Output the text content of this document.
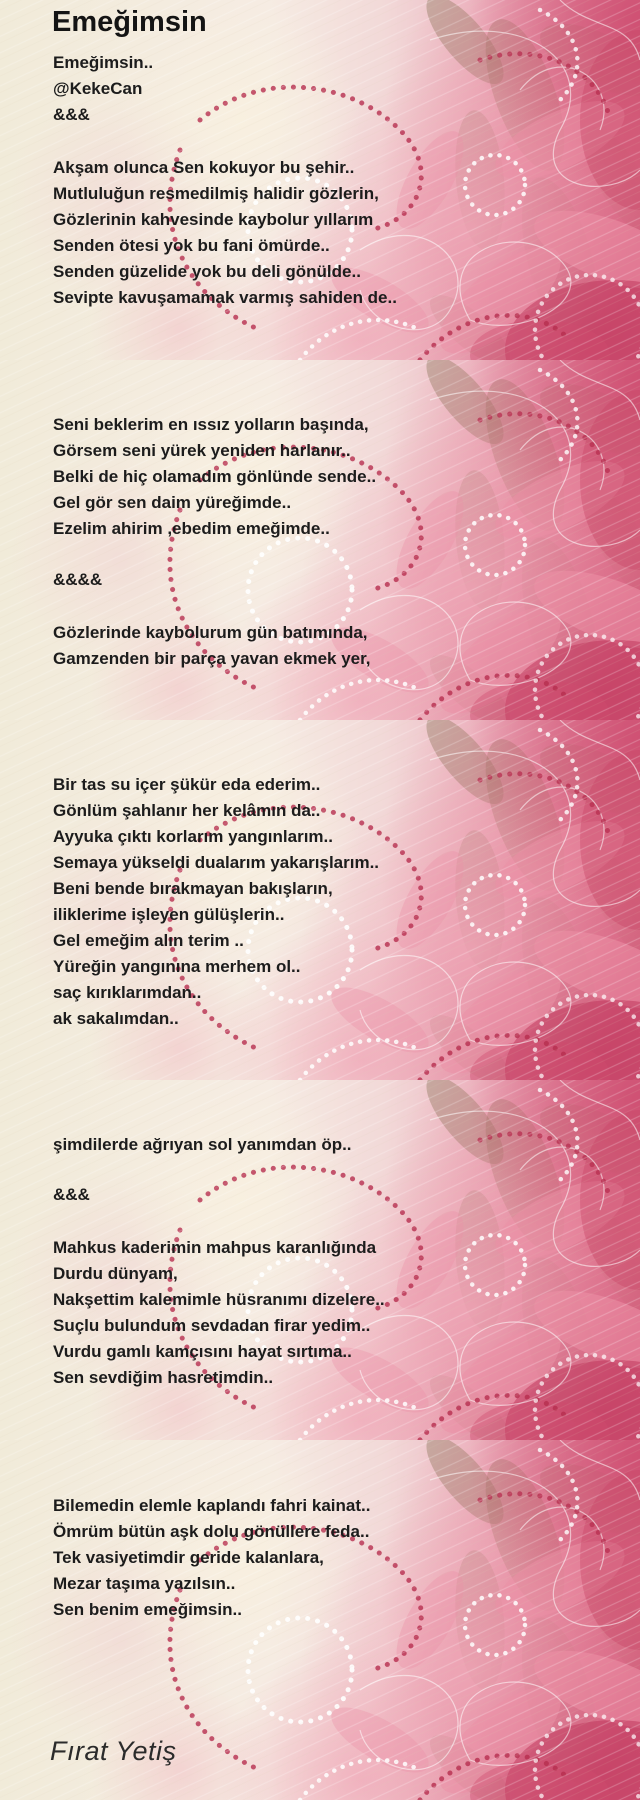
Emeğimsin
Emeğimsin..
@KekeCan
&&&
Akşam olunca Sen kokuyor bu şehir..
Mutluluğun resmedilmiş halidir gözlerin,
Gözlerinin kahvesinde kaybolur yıllarım
Senden ötesi yok bu fani ömürde..
Senden güzelide yok bu deli gönülde..
Sevipte kavuşamamak varmış sahiden de..
Seni beklerim en ıssız yolların başında,
Görsem seni yürek yeniden harlanır..
Belki de hiç olamadım gönlünde sende..
Gel gör sen daim yüreğimde..
Ezelim ahirim ,ebedim emeğimde..
&&&&
Gözlerinde kaybolurum gün batımında,
Gamzenden bir parça yavan ekmek yer,
Bir tas su içer şükür eda ederim..
Gönlüm şahlanır her kelâmın da..
Ayyuka çıktı korlarım yangınlarım..
Semaya yükseldi dualarım yakarışlarım..
Beni bende bırakmayan bakışların,
iliklerime işleyen gülüşlerin..
Gel emeğim alın terim ..
Yüreğin yangınına merhem ol..
saç kırıklarımdan..
ak sakalımdan..
şimdilerde ağrıyan sol yanımdan öp..
&&&
Mahkus kaderimin mahpus karanlığında
Durdu dünyam,
Nakşettim kalemimle hüsranımı dizelere..
Suçlu bulundum sevdadan firar yedim..
Vurdu gamlı kamçısını hayat sırtıma..
Sen sevdiğim hasretimdin..
Bilemedin elemle kaplandı fahri kainat..
Ömrüm bütün aşk dolu gönüllere feda..
Tek vasiyetimdir geride kalanlara,
Mezar taşıma yazılsın..
Sen benim emeğimsin..
Fırat Yetiş
